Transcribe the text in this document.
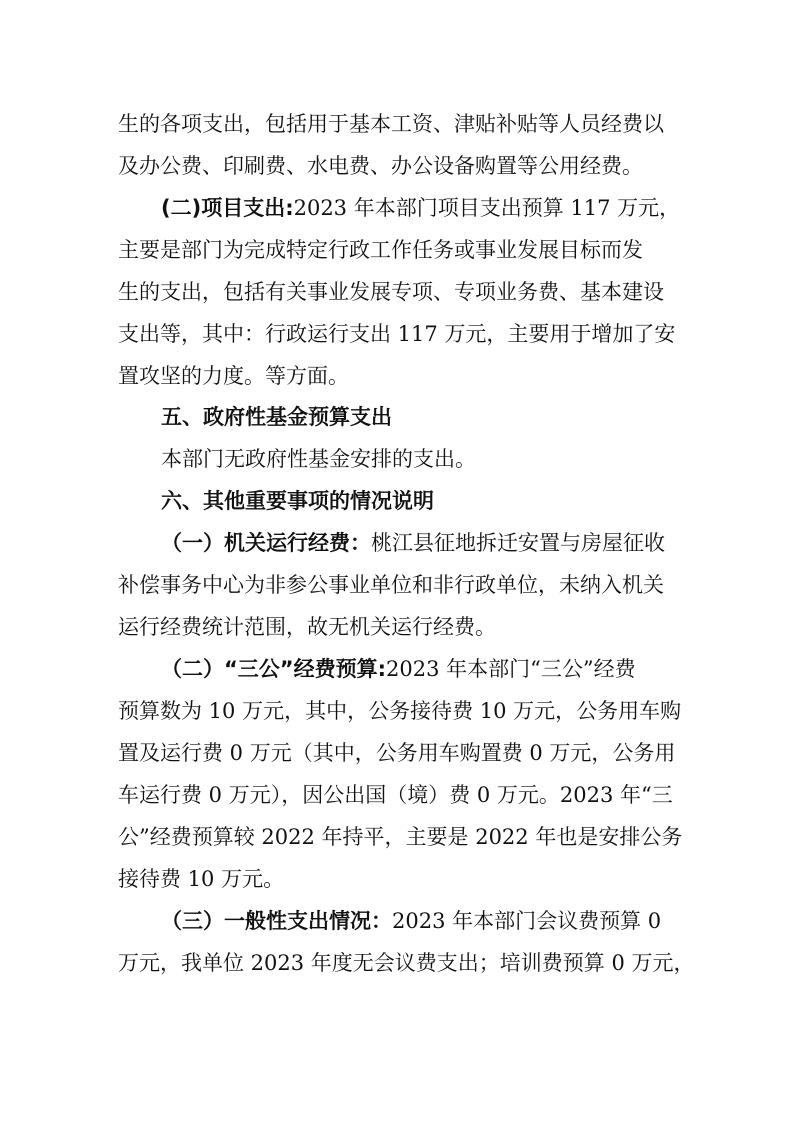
生的各项支出，包括用于基本工资、津贴补贴等人员经费以
及办公费、印刷费、水电费、办公设备购置等公用经费。
(二)项目支出:2023 年本部门项目支出预算 117 万元，
主要是部门为完成特定行政工作任务或事业发展目标而发
生的支出，包括有关事业发展专项、专项业务费、基本建设
支出等，其中：行政运行支出 117 万元，主要用于增加了安
置攻坚的力度。等方面。
五、政府性基金预算支出
本部门无政府性基金安排的支出。
六、其他重要事项的情况说明
（一）机关运行经费：桃江县征地拆迁安置与房屋征收
补偿事务中心为非参公事业单位和非行政单位，未纳入机关
运行经费统计范围，故无机关运行经费。
（二）“三公”经费预算:2023 年本部门“三公”经费
预算数为 10 万元，其中，公务接待费 10 万元，公务用车购
置及运行费 0 万元（其中，公务用车购置费 0 万元，公务用
车运行费 0 万元），因公出国（境）费 0 万元。2023 年“三
公”经费预算较 2022 年持平，主要是 2022 年也是安排公务
接待费 10 万元。
（三）一般性支出情况：2023 年本部门会议费预算 0
万元，我单位 2023 年度无会议费支出；培训费预算 0 万元，
